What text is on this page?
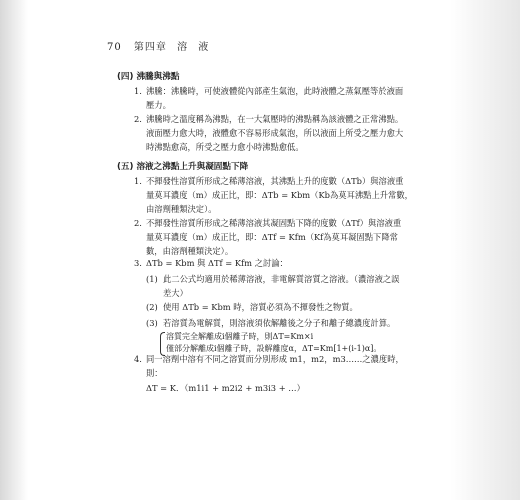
70 第四章 溶 液
(四) 沸騰與沸點
1. 沸騰：沸騰時，可使液體從內部產生氣泡，此時液體之蒸氣壓等於液面
壓力。
2. 沸騰時之溫度稱為沸點，在一大氣壓時的沸點稱為該液體之正常沸點。
液面壓力愈大時，液體愈不容易形成氣泡，所以液面上所受之壓力愈大
時沸點愈高，所受之壓力愈小時沸點愈低。
(五) 溶液之沸點上升與凝固點下降
1. 不揮發性溶質所形成之稀薄溶液，其沸點上升的度數（ΔTb）與溶液重
量莫耳濃度（m）成正比，即：ΔTb = Kbm（Kb為莫耳沸點上升常數，
由溶劑種類決定）。
2. 不揮發性溶質所形成之稀薄溶液其凝固點下降的度數（ΔTf）與溶液重
量莫耳濃度（m）成正比，即：ΔTf = Kfm（Kf為莫耳凝固點下降常
數，由溶劑種類決定）。
3. ΔTb = Kbm 與 ΔTf = Kfm 之討論：
(1) 此二公式均適用於稀薄溶液，非電解質溶質之溶液。（濃溶液之誤
差大）
(2) 使用 ΔTb = Kbm 時，溶質必須為不揮發性之物質。
(3) 若溶質為電解質，則溶液須依解離後之分子和離子總濃度計算。
溶質完全解離成i個離子時，則ΔT=Km×i
僅部分解離成i個離子時，設解離度α，ΔT=Km[1+(i-1)α]。
4. 同一溶劑中溶有不同之溶質而分別形成 m1，m2，m3……之濃度時，
則：
ΔT = K．（m1i1 + m2i2 + m3i3 + …）
